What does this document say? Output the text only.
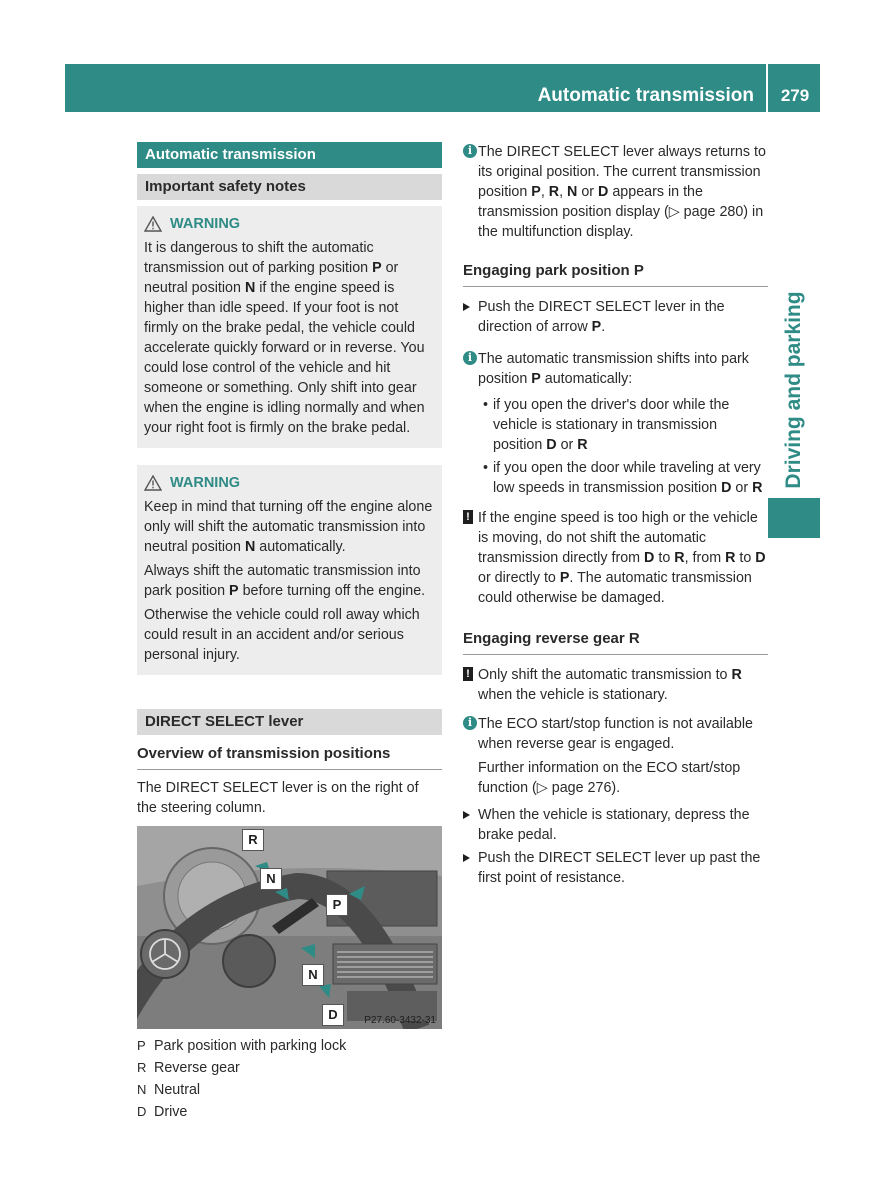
Automatic transmission	279
Driving and parking
Automatic transmission
Important safety notes
WARNING

It is dangerous to shift the automatic transmission out of parking position P or neutral position N if the engine speed is higher than idle speed. If your foot is not firmly on the brake pedal, the vehicle could accelerate quickly forward or in reverse. You could lose control of the vehicle and hit someone or something. Only shift into gear when the engine is idling normally and when your right foot is firmly on the brake pedal.

WARNING

Keep in mind that turning off the engine alone only will shift the automatic transmission into neutral position N automatically.

Always shift the automatic transmission into park position P before turning off the engine.

Otherwise the vehicle could roll away which could result in an accident and/or serious personal injury.

DIRECT SELECT lever
Overview of transmission positions

The DIRECT SELECT lever is on the right of the steering column.

R
N
P
N
D	P27.60-3432-31
P Park position with parking lock
R Reverse gear
N Neutral
D Drive
i The DIRECT SELECT lever always returns to its original position. The current transmission position P, R, N or D appears in the transmission position display (▷ page 280) in the multifunction display.

Engaging park position P

Push the DIRECT SELECT lever in the direction of arrow P.

i The automatic transmission shifts into park position P automatically:

• if you open the driver's door while the vehicle is stationary in transmission position D or R
• if you open the door while traveling at very low speeds in transmission position D or R
! If the engine speed is too high or the vehicle is moving, do not shift the automatic transmission directly from D to R, from R to D or directly to P. The automatic transmission could otherwise be damaged.

Engaging reverse gear R
! Only shift the automatic transmission to R when the vehicle is stationary.

i The ECO start/stop function is not available when reverse gear is engaged.

Further information on the ECO start/stop function (▷ page 276).

When the vehicle is stationary, depress the brake pedal.

Push the DIRECT SELECT lever up past the first point of resistance.
